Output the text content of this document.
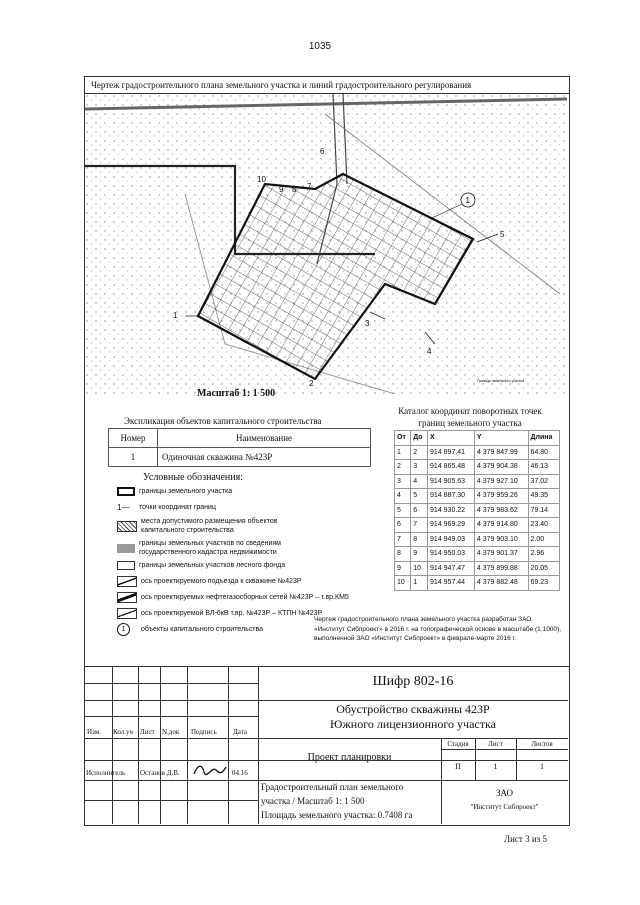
1035
Чертеж градостроительного плана земельного участка и линий градостроительного регулирования
1
2
3
4
5
6
7
8
9
10
1
Границы земельного участка
Масштаб 1: 1 500
Каталог координат поворотных точек
границ земельного участка
От	До	X	Y	Длина
1	2	914 897.41	4 379 847.99	64.80
2	3	914 865.48	4 379 904.38	46.13
3	4	914 905.63	4 379 927.10	37.02
4	5	914 887.30	4 379 959.26	49.35
5	6	914 930.22	4 379 983.62	79.14
6	7	914 969.29	4 379 914.80	23.40
7	8	914 949.03	4 379 903.10	2.00
8	9	914 950.03	4 379 901.37	2.96
9	10	914 947.47	4 379 899.88	20.05
10	1	914 957.44	4 379 882.48	69.23
Экспликация объектов капитального строительства
Номер	Наименование
1	Одиночная скважина №423Р
Условные обозначения:
границы земельного участка
1—	точки координат границ
места допустимого размещения объектов капитального строительства
границы земельных участков по сведениям государственного кадастра недвижимости
границы земельных участков лесного фонда
ось проектируемого подъезда к скважине №423Р
ось проектируемых нефтегазосборных сетей №423Р – т.вр.КМ5
ось проектируемой ВЛ-6кВ т.вр. №423Р – КТПН №423Р
1	объекты капитального строительства
Чертеж градостроительного плана земельного участка разработан ЗАО «Институт Сибпроект» в 2016 г. на топографической основе в масштабе (1:1000), выполненной ЗАО «Институт Сибпроект» в феврале-марте 2016 г.
Шифр 802-16
Обустройство скважины 423Р
Южного лицензионного участка
Изм. Кол.уч Лист N.док Подпись Дата
Проект планировки
Стадия	Лист	Листов
П	1	1
Исполнитель Останов Д.В.	04.16
Градостроительный план земельного
участка / Масштаб 1: 1 500
Площадь земельного участка: 0.7408 га
ЗАО
"Институт Сибпроект"
Лист 3 из 5
